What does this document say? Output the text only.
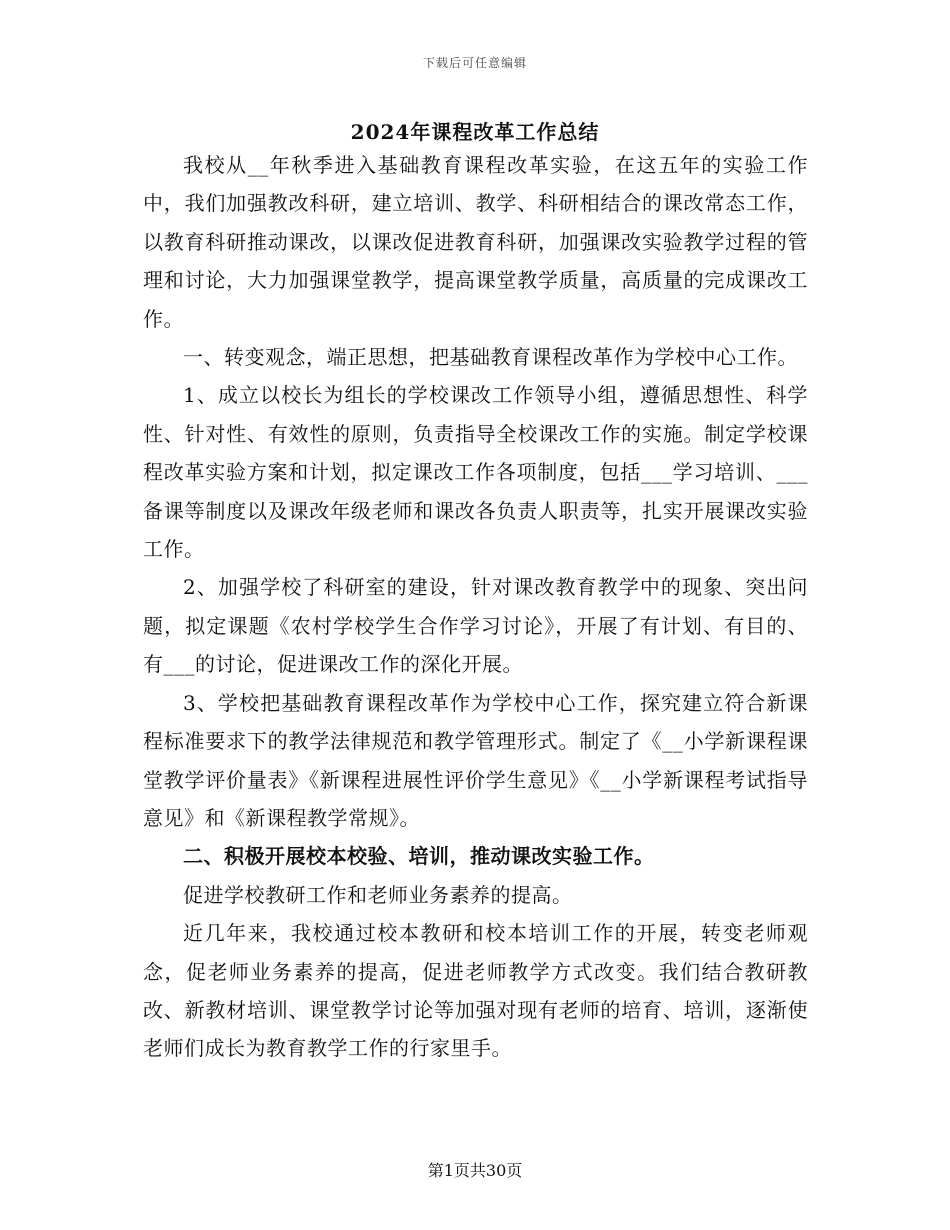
下载后可任意编辑
2024年课程改革工作总结

我校从__年秋季进入基础教育课程改革实验，在这五年的实验工作中，我们加强教改科研，建立培训、教学、科研相结合的课改常态工作，以教育科研推动课改，以课改促进教育科研，加强课改实验教学过程的管理和讨论，大力加强课堂教学，提高课堂教学质量，高质量的完成课改工作。

一、转变观念，端正思想，把基础教育课程改革作为学校中心工作。

1、成立以校长为组长的学校课改工作领导小组，遵循思想性、科学性、针对性、有效性的原则，负责指导全校课改工作的实施。制定学校课程改革实验方案和计划，拟定课改工作各项制度，包括___学习培训、___备课等制度以及课改年级老师和课改各负责人职责等，扎实开展课改实验工作。

2、加强学校了科研室的建设，针对课改教育教学中的现象、突出问题，拟定课题《农村学校学生合作学习讨论》，开展了有计划、有目的、有___的讨论，促进课改工作的深化开展。

3、学校把基础教育课程改革作为学校中心工作，探究建立符合新课程标准要求下的教学法律规范和教学管理形式。制定了《__小学新课程课堂教学评价量表》《新课程进展性评价学生意见》《__小学新课程考试指导意见》和《新课程教学常规》。

二、积极开展校本校验、培训，推动课改实验工作。

促进学校教研工作和老师业务素养的提高。

近几年来，我校通过校本教研和校本培训工作的开展，转变老师观念，促老师业务素养的提高，促进老师教学方式改变。我们结合教研教改、新教材培训、课堂教学讨论等加强对现有老师的培育、培训，逐渐使老师们成长为教育教学工作的行家里手。

第1页共30页
